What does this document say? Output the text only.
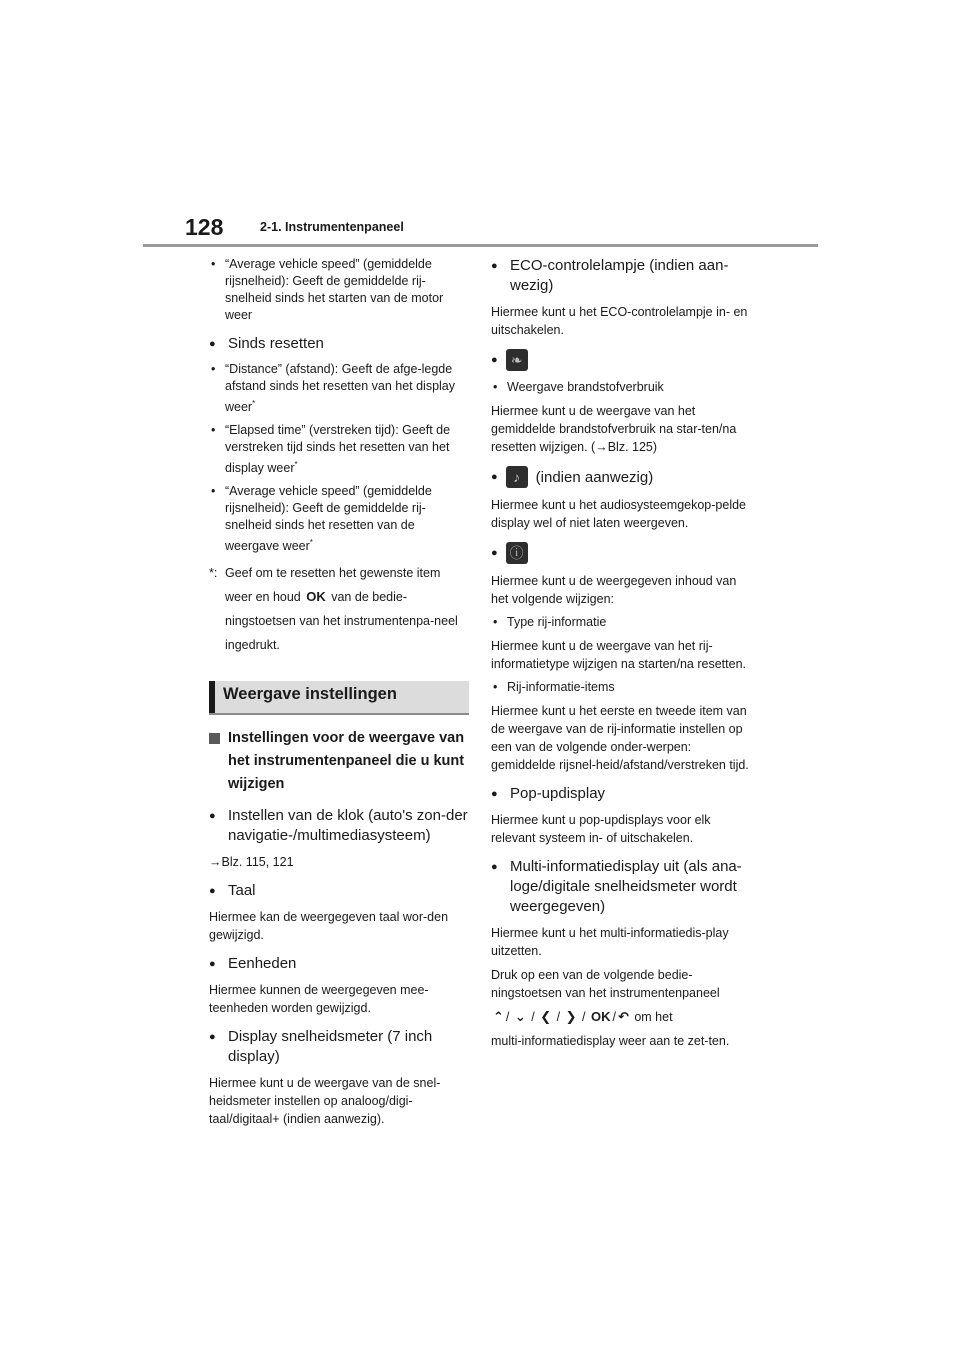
128	2-1. Instrumentenpaneel

• “Average vehicle speed” (gemiddelde rijsnelheid): Geeft de gemiddelde rij-snelheid sinds het starten van de motor weer

● Sinds resetten

• “Distance” (afstand): Geeft de afge-legde afstand sinds het resetten van het display weer*

• “Elapsed time” (verstreken tijd): Geeft de verstreken tijd sinds het resetten van het display weer*

• “Average vehicle speed” (gemiddelde rijsnelheid): Geeft de gemiddelde rij-snelheid sinds het resetten van de weergave weer*

*: Geef om te resetten het gewenste item weer en houd OK van de bedie-ningstoetsen van het instrumentenpa-neel ingedrukt.

Weergave instellingen

Instellingen voor de weergave van het instrumentenpaneel die u kunt wijzigen

● Instellen van de klok (auto's zon-der navigatie-/multimediasysteem)

→Blz. 115, 121

● Taal

Hiermee kan de weergegeven taal wor-den gewijzigd.

● Eenheden

Hiermee kunnen de weergegeven mee-teenheden worden gewijzigd.

● Display snelheidsmeter (7 inch display)

Hiermee kunt u de weergave van de snel-heidsmeter instellen op analoog/digi-taal/digitaal+ (indien aanwezig).

● ECO-controlelampje (indien aan-wezig)

Hiermee kunt u het ECO-controlelampje in- en uitschakelen.

● ❧

• Weergave brandstofverbruik

Hiermee kunt u de weergave van het gemiddelde brandstofverbruik na star-ten/na resetten wijzigen. (→Blz. 125)

●	♪	(indien aanwezig)

Hiermee kunt u het audiosysteemgekop-pelde display wel of niet laten weergeven.

● ⓘ

Hiermee kunt u de weergegeven inhoud van het volgende wijzigen:

• Type rij-informatie

Hiermee kunt u de weergave van het rij-informatietype wijzigen na starten/na resetten.

• Rij-informatie-items

Hiermee kunt u het eerste en tweede item van de weergave van de rij-informatie instellen op een van de volgende onder-werpen: gemiddelde rijsnel-heid/afstand/verstreken tijd.

● Pop-updisplay

Hiermee kunt u pop-updisplays voor elk relevant systeem in- of uitschakelen.

● Multi-informatiedisplay uit (als ana-loge/digitale snelheidsmeter wordt weergegeven)

Hiermee kunt u het multi-informatiedis-play uitzetten.

Druk op een van de volgende bedie-ningstoetsen van het instrumentenpaneel

⌃ / ⌄ / ❮ / ❯ / OK / ↶ om het

multi-informatiedisplay weer aan te zet-ten.
